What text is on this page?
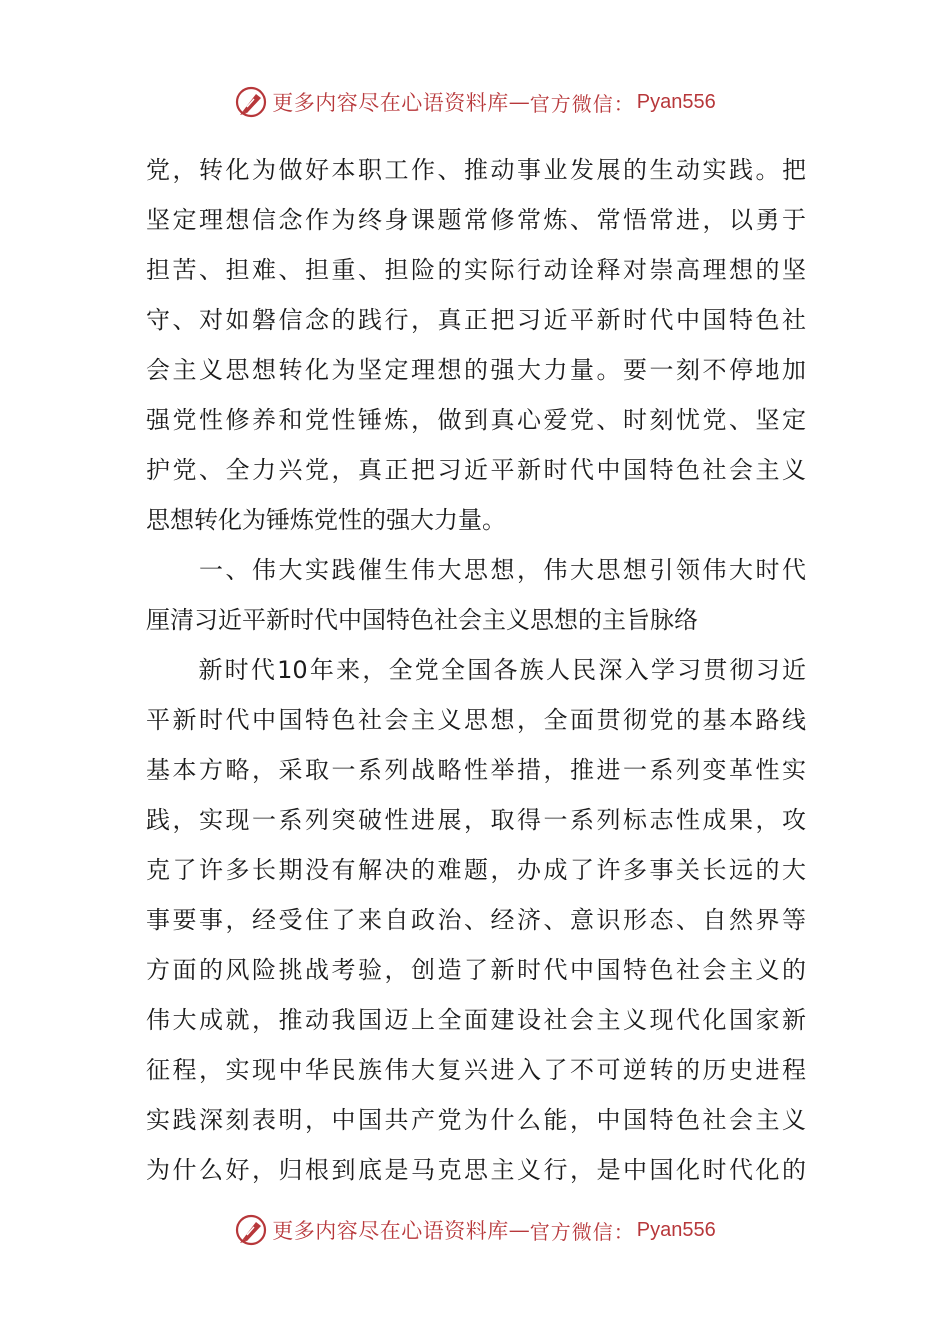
更多内容尽在心语资料库 — 官方微信： Pyan556
党，转化为做好本职工作、推动事业发展的生动实践。把
坚定理想信念作为终身课题常修常炼、常悟常进，以勇于
担苦、担难、担重、担险的实际行动诠释对崇高理想的坚
守、对如磐信念的践行，真正把习近平新时代中国特色社
会主义思想转化为坚定理想的强大力量。要一刻不停地加
强党性修养和党性锤炼，做到真心爱党、时刻忧党、坚定
护党、全力兴党，真正把习近平新时代中国特色社会主义
思想转化为锤炼党性的强大力量。
　　一、伟大实践催生伟大思想，伟大思想引领伟大时代
厘清习近平新时代中国特色社会主义思想的主旨脉络
　　新时代10年来，全党全国各族人民深入学习贯彻习近
平新时代中国特色社会主义思想，全面贯彻党的基本路线
基本方略，采取一系列战略性举措，推进一系列变革性实
践，实现一系列突破性进展，取得一系列标志性成果，攻
克了许多长期没有解决的难题，办成了许多事关长远的大
事要事，经受住了来自政治、经济、意识形态、自然界等
方面的风险挑战考验，创造了新时代中国特色社会主义的
伟大成就，推动我国迈上全面建设社会主义现代化国家新
征程，实现中华民族伟大复兴进入了不可逆转的历史进程
实践深刻表明，中国共产党为什么能，中国特色社会主义
为什么好，归根到底是马克思主义行，是中国化时代化的
更多内容尽在心语资料库 — 官方微信： Pyan556
